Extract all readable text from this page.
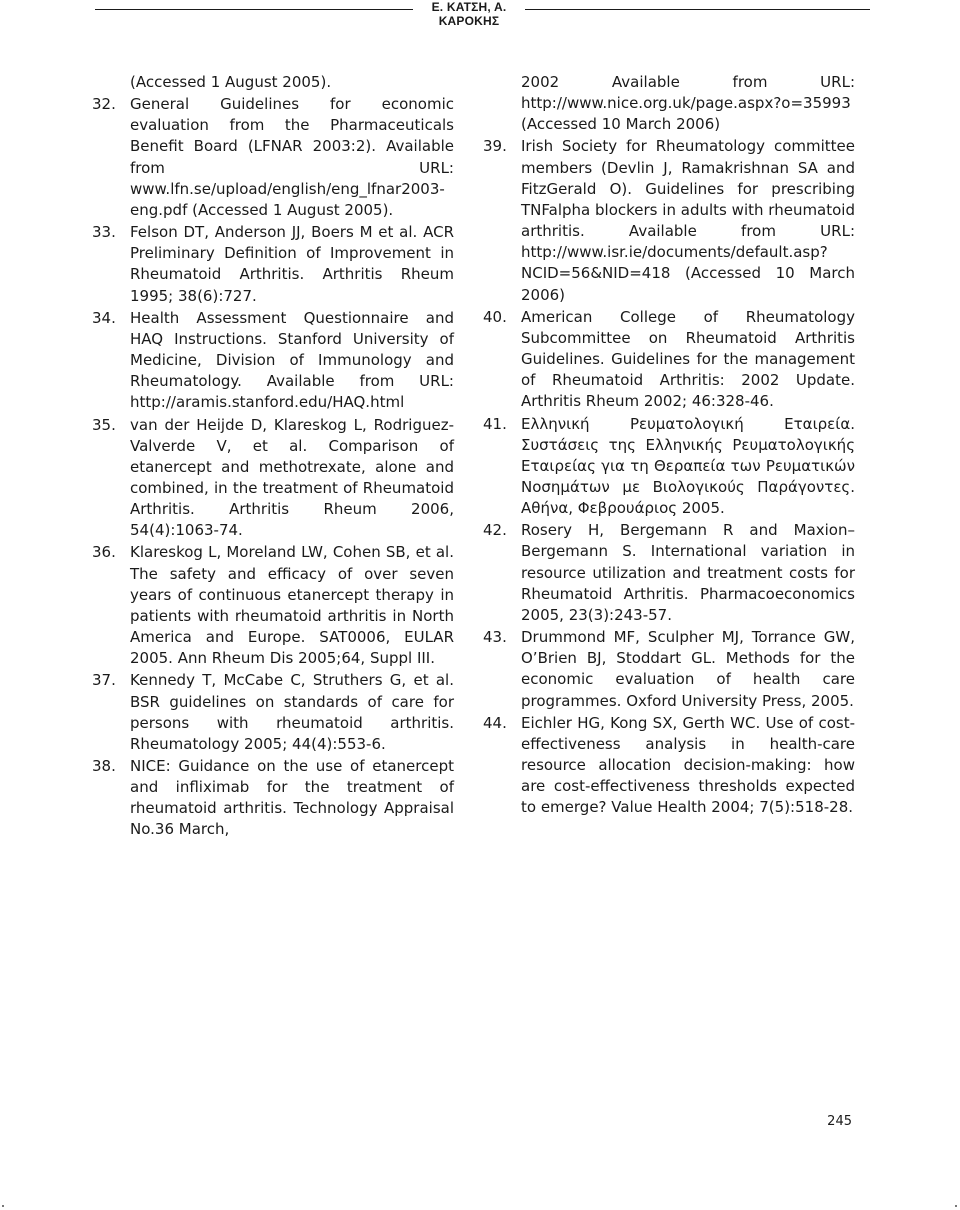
Ε. ΚΑΤΣΗ, Α. ΚΑΡΟΚΗΣ

(Accessed 1 August 2005).

32. General Guidelines for economic evaluation from the Pharmaceuticals Benefit Board (LFNAR 2003:2). Available from URL: www.lfn.se/upload/english/eng_lfnar2003-eng.pdf (Accessed 1 August 2005).

33. Felson DT, Anderson JJ, Boers M et al. ACR Preliminary Definition of Improvement in Rheumatoid Arthritis. Arthritis Rheum 1995; 38(6):727.

34. Health Assessment Questionnaire and HAQ Instructions. Stanford University of Medicine, Division of Immunology and Rheumatology. Available from URL: http://aramis.stanford.edu/HAQ.html

35. van der Heijde D, Klareskog L, Rodriguez-Valverde V, et al. Comparison of etanercept and methotrexate, alone and combined, in the treatment of Rheumatoid Arthritis. Arthritis Rheum 2006, 54(4):1063-74.

36. Klareskog L, Moreland LW, Cohen SB, et al. The safety and efficacy of over seven years of continuous etanercept therapy in patients with rheumatoid arthritis in North America and Europe. SAT0006, EULAR 2005. Ann Rheum Dis 2005;64, Suppl III.

37. Kennedy T, McCabe C, Struthers G, et al. BSR guidelines on standards of care for persons with rheumatoid arthritis. Rheumatology 2005; 44(4):553-6.

38. NICE: Guidance on the use of etanercept and infliximab for the treatment of rheumatoid arthritis. Technology Appraisal No.36 March,

2002 Available from URL: http://www.nice.org.uk/page.aspx?o=35993 (Accessed 10 March 2006)

39. Irish Society for Rheumatology committee members (Devlin J, Ramakrishnan SA and FitzGerald O). Guidelines for prescribing TNFalpha blockers in adults with rheumatoid arthritis. Available from URL: http://www.isr.ie/documents/default.asp?NCID=56&NID=418 (Accessed 10 March 2006)

40. American College of Rheumatology Subcommittee on Rheumatoid Arthritis Guidelines. Guidelines for the management of Rheumatoid Arthritis: 2002 Update. Arthritis Rheum 2002; 46:328-46.

41. Ελληνική Ρευματολογική Εταιρεία. Συστάσεις της Ελληνικής Ρευματολογικής Εταιρείας για τη Θεραπεία των Ρευματικών Νοσημάτων με Βιολογικούς Παράγοντες. Αθήνα, Φεβρουάριος 2005.

42. Rosery H, Bergemann R and Maxion–Bergemann S. International variation in resource utilization and treatment costs for Rheumatoid Arthritis. Pharmacoeconomics 2005, 23(3):243-57.

43. Drummond MF, Sculpher MJ, Torrance GW, O’Brien BJ, Stoddart GL. Methods for the economic evaluation of health care programmes. Oxford University Press, 2005.

44. Eichler HG, Kong SX, Gerth WC. Use of cost-effectiveness analysis in health-care resource allocation decision-making: how are cost-effectiveness thresholds expected to emerge? Value Health 2004; 7(5):518-28.

245
